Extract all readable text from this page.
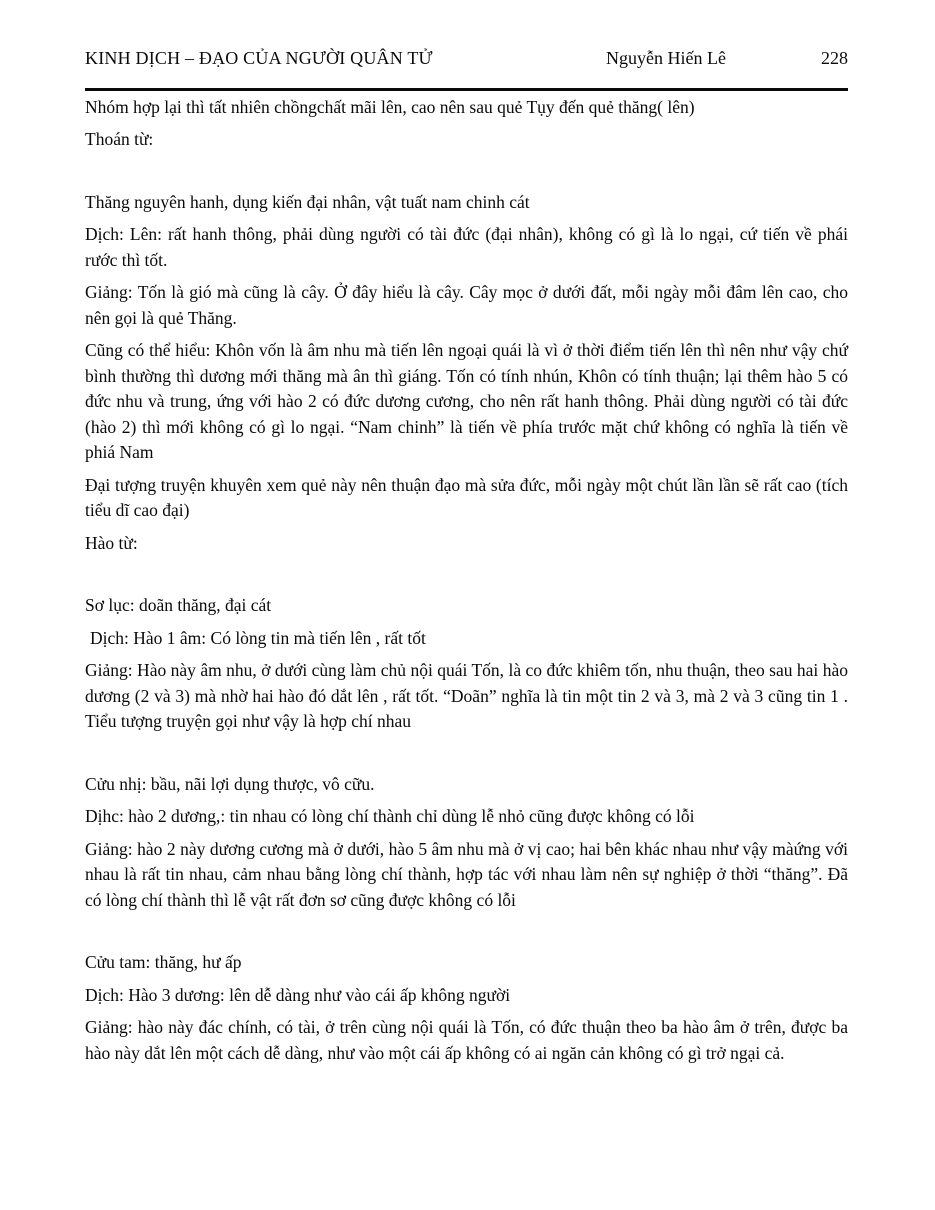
KINH DỊCH – ĐẠO CỦA NGƯỜI QUÂN TỬ	Nguyễn Hiến Lê	228

Nhóm hợp lại thì tất nhiên chồngchất mãi lên, cao nên sau quẻ Tụy đến quẻ thăng( lên)

Thoán từ:

Thăng nguyên hanh, dụng kiến đại nhân, vật tuất nam chinh cát

Dịch: Lên: rất hanh thông, phải dùng người có tài đức (đại nhân), không có gì là lo ngại, cứ tiến về phái rước thì tốt.

Giảng: Tốn là gió mà cũng là cây. Ở đây hiểu là cây. Cây mọc ở dưới đất, mỗi ngày mỗi đâm lên cao, cho nên gọi là quẻ Thăng.

Cũng có thể hiểu: Khôn vốn là âm nhu mà tiến lên ngoại quái là vì ở thời điểm tiến lên thì nên như vậy chứ bình thường thì dương mới thăng mà ân thì giáng. Tốn có tính nhún, Khôn có tính thuận; lại thêm hào 5 có đức nhu và trung, ứng với hào 2 có đức dương cương, cho nên rất hanh thông. Phải dùng người có tài đức (hào 2) thì mới không có gì lo ngại. “Nam chinh” là tiến về phía trước mặt chứ không có nghĩa là tiến về phiá Nam

Đại tượng truyện khuyên xem quẻ này nên thuận đạo mà sửa đức, mỗi ngày một chút lần lần sẽ rất cao (tích tiểu dĩ cao đại)

Hào từ:

Sơ lục: doãn thăng, đại cát

Dịch: Hào 1 âm: Có lòng tin mà tiến lên , rất tốt

Giảng: Hào này âm nhu, ở dưới cùng làm chủ nội quái Tốn, là co đức khiêm tốn, nhu thuận, theo sau hai hào dương (2 và 3) mà nhờ hai hào đó dắt lên , rất tốt. “Doãn” nghĩa là tin một tin 2 và 3, mà 2 và 3 cũng tin 1 . Tiểu tượng truyện gọi như vậy là hợp chí nhau

Cửu nhị: bầu, nãi lợi dụng thược, vô cữu.

Dịhc: hào 2 dương,: tin nhau có lòng chí thành chỉ dùng lễ nhỏ cũng được không có lỗi

Giảng: hào 2 này dương cương mà ở dưới, hào 5 âm nhu mà ở vị cao; hai bên khác nhau như vậy màứng với nhau là rất tin nhau, cảm nhau bằng lòng chí thành, hợp tác với nhau làm nên sự nghiệp ở thời “thăng”. Đã có lòng chí thành thì lễ vật rất đơn sơ cũng được không có lỗi

Cửu tam: thăng, hư ấp

Dịch: Hào 3 dương: lên dễ dàng như vào cái ấp không người

Giảng: hào này đác chính, có tài, ở trên cùng nội quái là Tốn, có đức thuận theo ba hào âm ở trên, được ba hào này dắt lên một cách dễ dàng, như vào một cái ấp không có ai ngăn cản không có gì trở ngại cả.
